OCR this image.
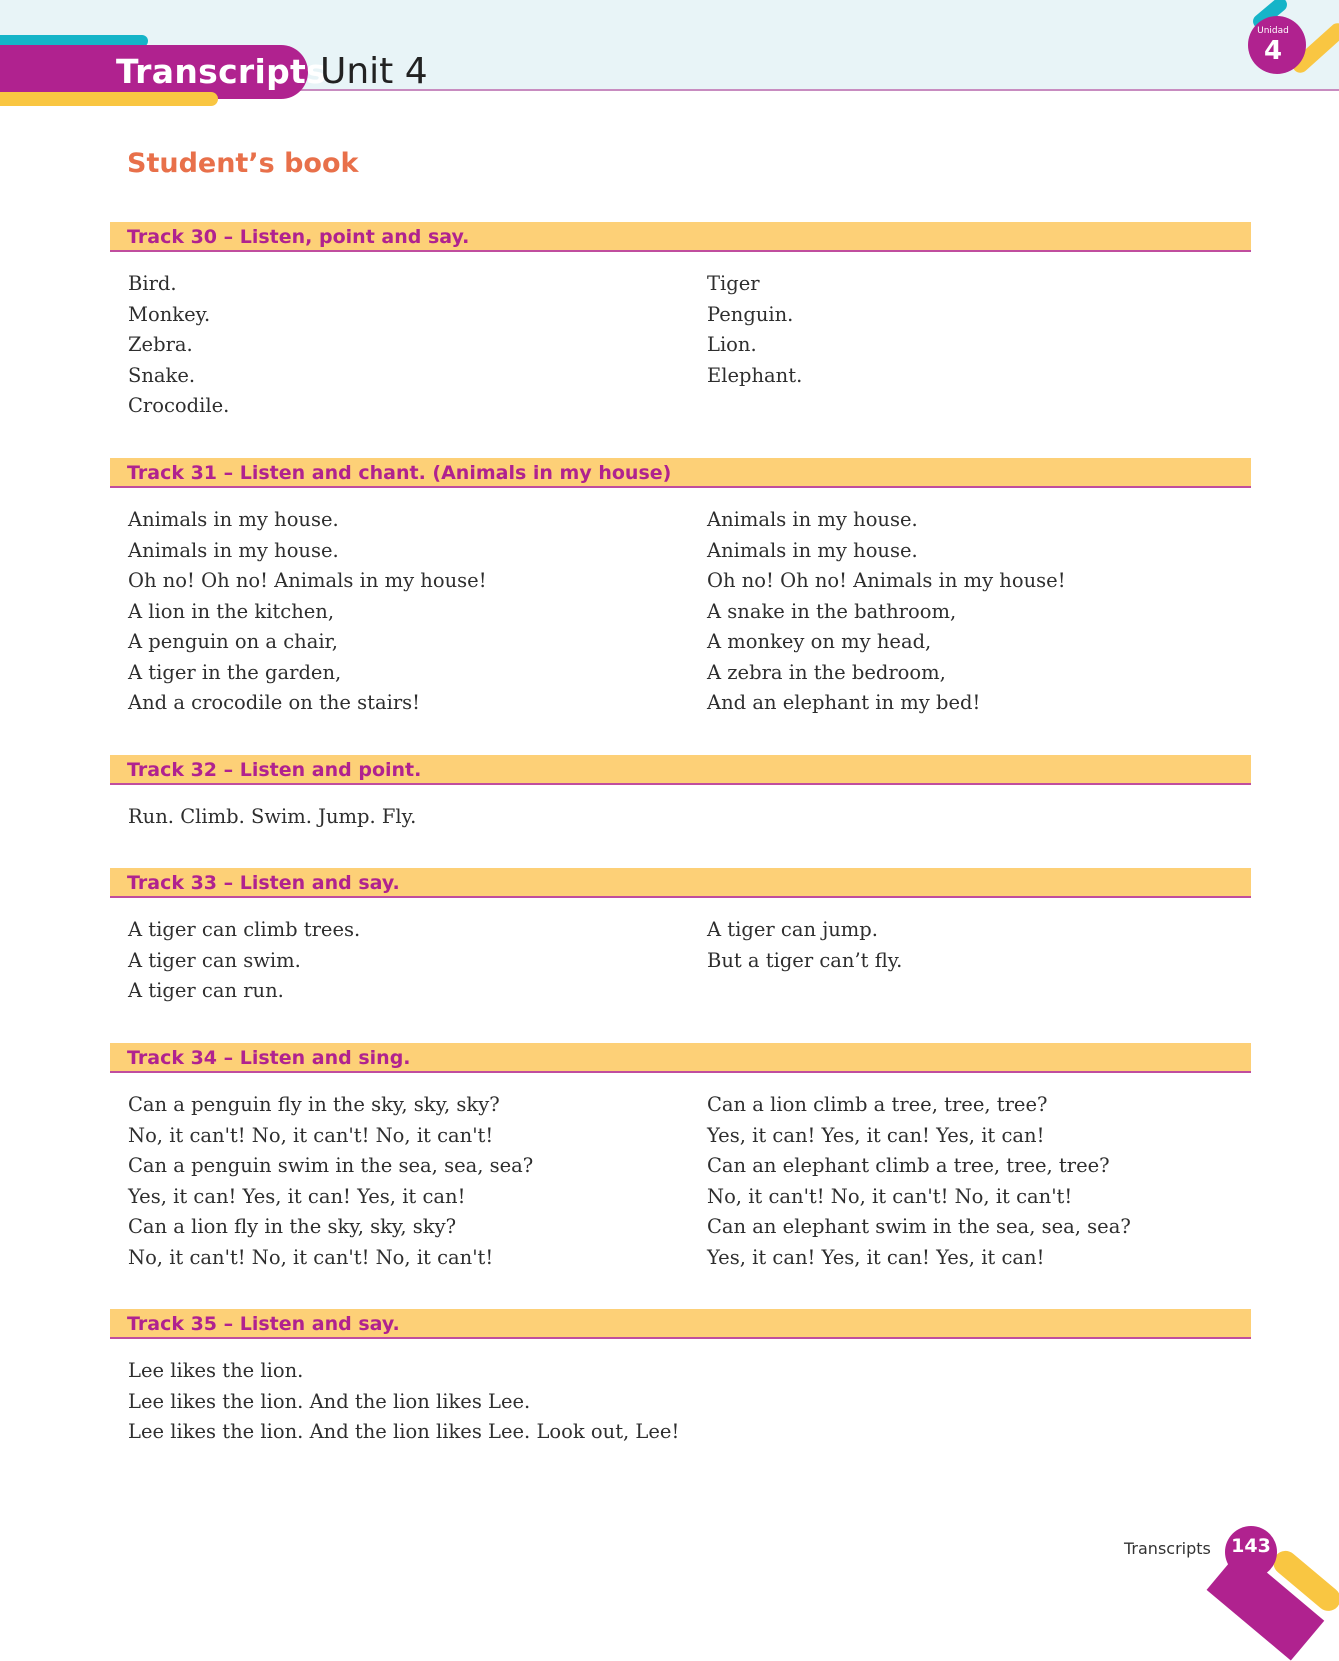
Transcripts
Unit 4
Unidad
4
Student’s book
Track 30 – Listen, point and say.
Bird.
Monkey.
Zebra.
Snake.
Crocodile.
Tiger
Penguin.
Lion.
Elephant.
Track 31 – Listen and chant. (Animals in my house)
Animals in my house.
Animals in my house.
Oh no! Oh no! Animals in my house!
A lion in the kitchen,
A penguin on a chair,
A tiger in the garden,
And a crocodile on the stairs!
Animals in my house.
Animals in my house.
Oh no! Oh no! Animals in my house!
A snake in the bathroom,
A monkey on my head,
A zebra in the bedroom,
And an elephant in my bed!
Track 32 – Listen and point.
Run. Climb. Swim. Jump. Fly.
Track 33 – Listen and say.
A tiger can climb trees.
A tiger can swim.
A tiger can run.
A tiger can jump.
But a tiger can’t fly.
Track 34 – Listen and sing.
Can a penguin fly in the sky, sky, sky?
No, it can't! No, it can't! No, it can't!
Can a penguin swim in the sea, sea, sea?
Yes, it can! Yes, it can! Yes, it can!
Can a lion fly in the sky, sky, sky?
No, it can't! No, it can't! No, it can't!
Can a lion climb a tree, tree, tree?
Yes, it can! Yes, it can! Yes, it can!
Can an elephant climb a tree, tree, tree?
No, it can't! No, it can't! No, it can't!
Can an elephant swim in the sea, sea, sea?
Yes, it can! Yes, it can! Yes, it can!
Track 35 – Listen and say.
Lee likes the lion.
Lee likes the lion. And the lion likes Lee.
Lee likes the lion. And the lion likes Lee. Look out, Lee!
Transcripts	143
